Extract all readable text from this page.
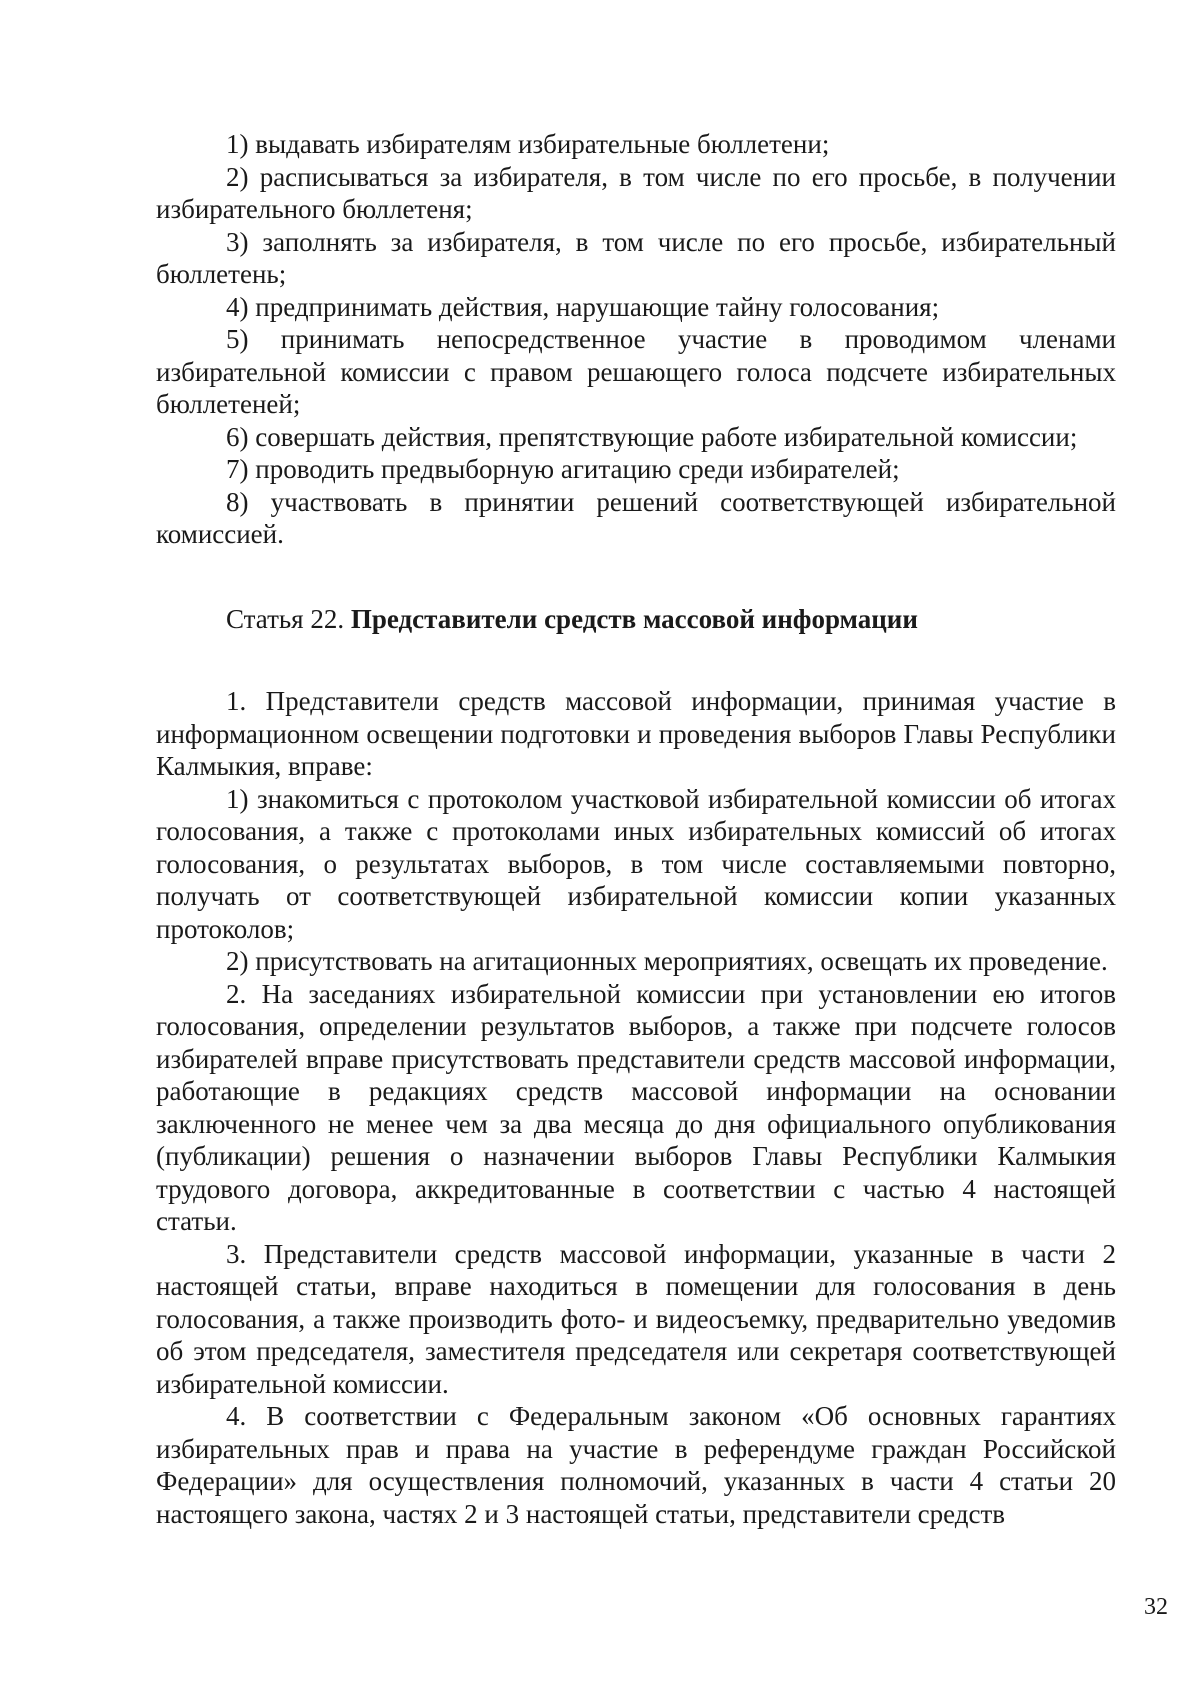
1) выдавать избирателям избирательные бюллетени;

2) расписываться за избирателя, в том числе по его просьбе, в получении избирательного бюллетеня;

3) заполнять за избирателя, в том числе по его просьбе, избирательный бюллетень;

4) предпринимать действия, нарушающие тайну голосования;

5) принимать непосредственное участие в проводимом членами избирательной комиссии с правом решающего голоса подсчете избирательных бюллетеней;

6) совершать действия, препятствующие работе избирательной комиссии;

7) проводить предвыборную агитацию среди избирателей;

8) участвовать в принятии решений соответствующей избирательной комиссией.

Статья 22. Представители средств массовой информации

1. Представители средств массовой информации, принимая участие в информационном освещении подготовки и проведения выборов Главы Республики Калмыкия, вправе:

1) знакомиться с протоколом участковой избирательной комиссии об итогах голосования, а также с протоколами иных избирательных комиссий об итогах голосования, о результатах выборов, в том числе составляемыми повторно, получать от соответствующей избирательной комиссии копии указанных протоколов;

2) присутствовать на агитационных мероприятиях, освещать их проведение.

2. На заседаниях избирательной комиссии при установлении ею итогов голосования, определении результатов выборов, а также при подсчете голосов избирателей вправе присутствовать представители средств массовой информации, работающие в редакциях средств массовой информации на основании заключенного не менее чем за два месяца до дня официального опубликования (публикации) решения о назначении выборов Главы Республики Калмыкия трудового договора, аккредитованные в соответствии с частью 4 настоящей статьи.

3. Представители средств массовой информации, указанные в части 2 настоящей статьи, вправе находиться в помещении для голосования в день голосования, а также производить фото- и видеосъемку, предварительно уведомив об этом председателя, заместителя председателя или секретаря соответствующей избирательной комиссии.

4. В соответствии с Федеральным законом «Об основных гарантиях избирательных прав и права на участие в референдуме граждан Российской Федерации» для осуществления полномочий, указанных в части 4 статьи 20 настоящего закона, частях 2 и 3 настоящей статьи, представители средств

32
